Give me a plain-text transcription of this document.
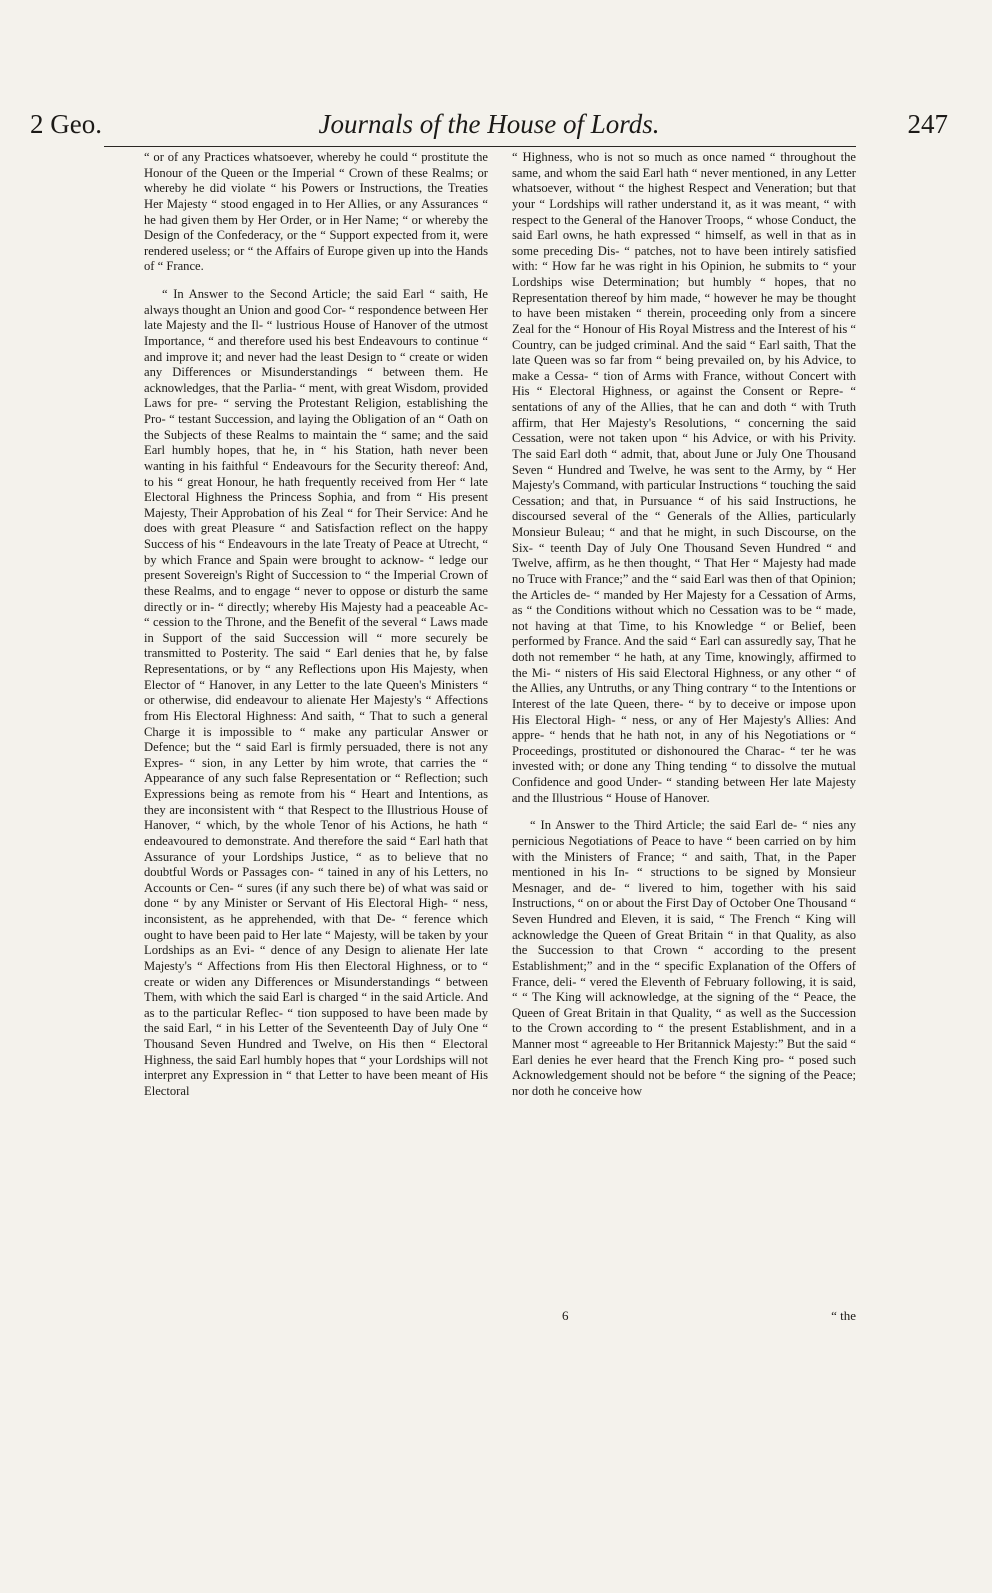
2 Geo.	Journals of the House of Lords.	247

“ or of any Practices whatsoever, whereby he could “ prostitute the Honour of the Queen or the Imperial “ Crown of these Realms; or whereby he did violate “ his Powers or Instructions, the Treaties Her Majesty “ stood engaged in to Her Allies, or any Assurances “ he had given them by Her Order, or in Her Name; “ or whereby the Design of the Confederacy, or the “ Support expected from it, were rendered useless; or “ the Affairs of Europe given up into the Hands of “ France.

“ In Answer to the Second Article; the said Earl “ saith, He always thought an Union and good Cor- “ respondence between Her late Majesty and the Il- “ lustrious House of Hanover of the utmost Importance, “ and therefore used his best Endeavours to continue “ and improve it; and never had the least Design to “ create or widen any Differences or Misunderstandings “ between them. He acknowledges, that the Parlia- “ ment, with great Wisdom, provided Laws for pre- “ serving the Protestant Religion, establishing the Pro- “ testant Succession, and laying the Obligation of an “ Oath on the Subjects of these Realms to maintain the “ same; and the said Earl humbly hopes, that he, in “ his Station, hath never been wanting in his faithful “ Endeavours for the Security thereof: And, to his “ great Honour, he hath frequently received from Her “ late Electoral Highness the Princess Sophia, and from “ His present Majesty, Their Approbation of his Zeal “ for Their Service: And he does with great Pleasure “ and Satisfaction reflect on the happy Success of his “ Endeavours in the late Treaty of Peace at Utrecht, “ by which France and Spain were brought to acknow- “ ledge our present Sovereign's Right of Succession to “ the Imperial Crown of these Realms, and to engage “ never to oppose or disturb the same directly or in- “ directly; whereby His Majesty had a peaceable Ac- “ cession to the Throne, and the Benefit of the several “ Laws made in Support of the said Succession will “ more securely be transmitted to Posterity. The said “ Earl denies that he, by false Representations, or by “ any Reflections upon His Majesty, when Elector of “ Hanover, in any Letter to the late Queen's Ministers “ or otherwise, did endeavour to alienate Her Majesty's “ Affections from His Electoral Highness: And saith, “ That to such a general Charge it is impossible to “ make any particular Answer or Defence; but the “ said Earl is firmly persuaded, there is not any Expres- “ sion, in any Letter by him wrote, that carries the “ Appearance of any such false Representation or “ Reflection; such Expressions being as remote from his “ Heart and Intentions, as they are inconsistent with “ that Respect to the Illustrious House of Hanover, “ which, by the whole Tenor of his Actions, he hath “ endeavoured to demonstrate. And therefore the said “ Earl hath that Assurance of your Lordships Justice, “ as to believe that no doubtful Words or Passages con- “ tained in any of his Letters, no Accounts or Cen- “ sures (if any such there be) of what was said or done “ by any Minister or Servant of His Electoral High- “ ness, inconsistent, as he apprehended, with that De- “ ference which ought to have been paid to Her late “ Majesty, will be taken by your Lordships as an Evi- “ dence of any Design to alienate Her late Majesty's “ Affections from His then Electoral Highness, or to “ create or widen any Differences or Misunderstandings “ between Them, with which the said Earl is charged “ in the said Article. And as to the particular Reflec- “ tion supposed to have been made by the said Earl, “ in his Letter of the Seventeenth Day of July One “ Thousand Seven Hundred and Twelve, on His then “ Electoral Highness, the said Earl humbly hopes that “ your Lordships will not interpret any Expression in “ that Letter to have been meant of His Electoral

“ Highness, who is not so much as once named “ throughout the same, and whom the said Earl hath “ never mentioned, in any Letter whatsoever, without “ the highest Respect and Veneration; but that your “ Lordships will rather understand it, as it was meant, “ with respect to the General of the Hanover Troops, “ whose Conduct, the said Earl owns, he hath expressed “ himself, as well in that as in some preceding Dis- “ patches, not to have been intirely satisfied with: “ How far he was right in his Opinion, he submits to “ your Lordships wise Determination; but humbly “ hopes, that no Representation thereof by him made, “ however he may be thought to have been mistaken “ therein, proceeding only from a sincere Zeal for the “ Honour of His Royal Mistress and the Interest of his “ Country, can be judged criminal. And the said “ Earl saith, That the late Queen was so far from “ being prevailed on, by his Advice, to make a Cessa- “ tion of Arms with France, without Concert with His “ Electoral Highness, or against the Consent or Repre- “ sentations of any of the Allies, that he can and doth “ with Truth affirm, that Her Majesty's Resolutions, “ concerning the said Cessation, were not taken upon “ his Advice, or with his Privity. The said Earl doth “ admit, that, about June or July One Thousand Seven “ Hundred and Twelve, he was sent to the Army, by “ Her Majesty's Command, with particular Instructions “ touching the said Cessation; and that, in Pursuance “ of his said Instructions, he discoursed several of the “ Generals of the Allies, particularly Monsieur Buleau; “ and that he might, in such Discourse, on the Six- “ teenth Day of July One Thousand Seven Hundred “ and Twelve, affirm, as he then thought, “ That Her “ Majesty had made no Truce with France;” and the “ said Earl was then of that Opinion; the Articles de- “ manded by Her Majesty for a Cessation of Arms, as “ the Conditions without which no Cessation was to be “ made, not having at that Time, to his Knowledge “ or Belief, been performed by France. And the said “ Earl can assuredly say, That he doth not remember “ he hath, at any Time, knowingly, affirmed to the Mi- “ nisters of His said Electoral Highness, or any other “ of the Allies, any Untruths, or any Thing contrary “ to the Intentions or Interest of the late Queen, there- “ by to deceive or impose upon His Electoral High- “ ness, or any of Her Majesty's Allies: And appre- “ hends that he hath not, in any of his Negotiations or “ Proceedings, prostituted or dishonoured the Charac- “ ter he was invested with; or done any Thing tending “ to dissolve the mutual Confidence and good Under- “ standing between Her late Majesty and the Illustrious “ House of Hanover.

“ In Answer to the Third Article; the said Earl de- “ nies any pernicious Negotiations of Peace to have “ been carried on by him with the Ministers of France; “ and saith, That, in the Paper mentioned in his In- “ structions to be signed by Monsieur Mesnager, and de- “ livered to him, together with his said Instructions, “ on or about the First Day of October One Thousand “ Seven Hundred and Eleven, it is said, “ The French “ King will acknowledge the Queen of Great Britain “ in that Quality, as also the Succession to that Crown “ according to the present Establishment;” and in the “ specific Explanation of the Offers of France, deli- “ vered the Eleventh of February following, it is said, “ “ The King will acknowledge, at the signing of the “ Peace, the Queen of Great Britain in that Quality, “ as well as the Succession to the Crown according to “ the present Establishment, and in a Manner most “ agreeable to Her Britannick Majesty:” But the said “ Earl denies he ever heard that the French King pro- “ posed such Acknowledgement should not be before “ the signing of the Peace; nor doth he conceive how

6	“ the
